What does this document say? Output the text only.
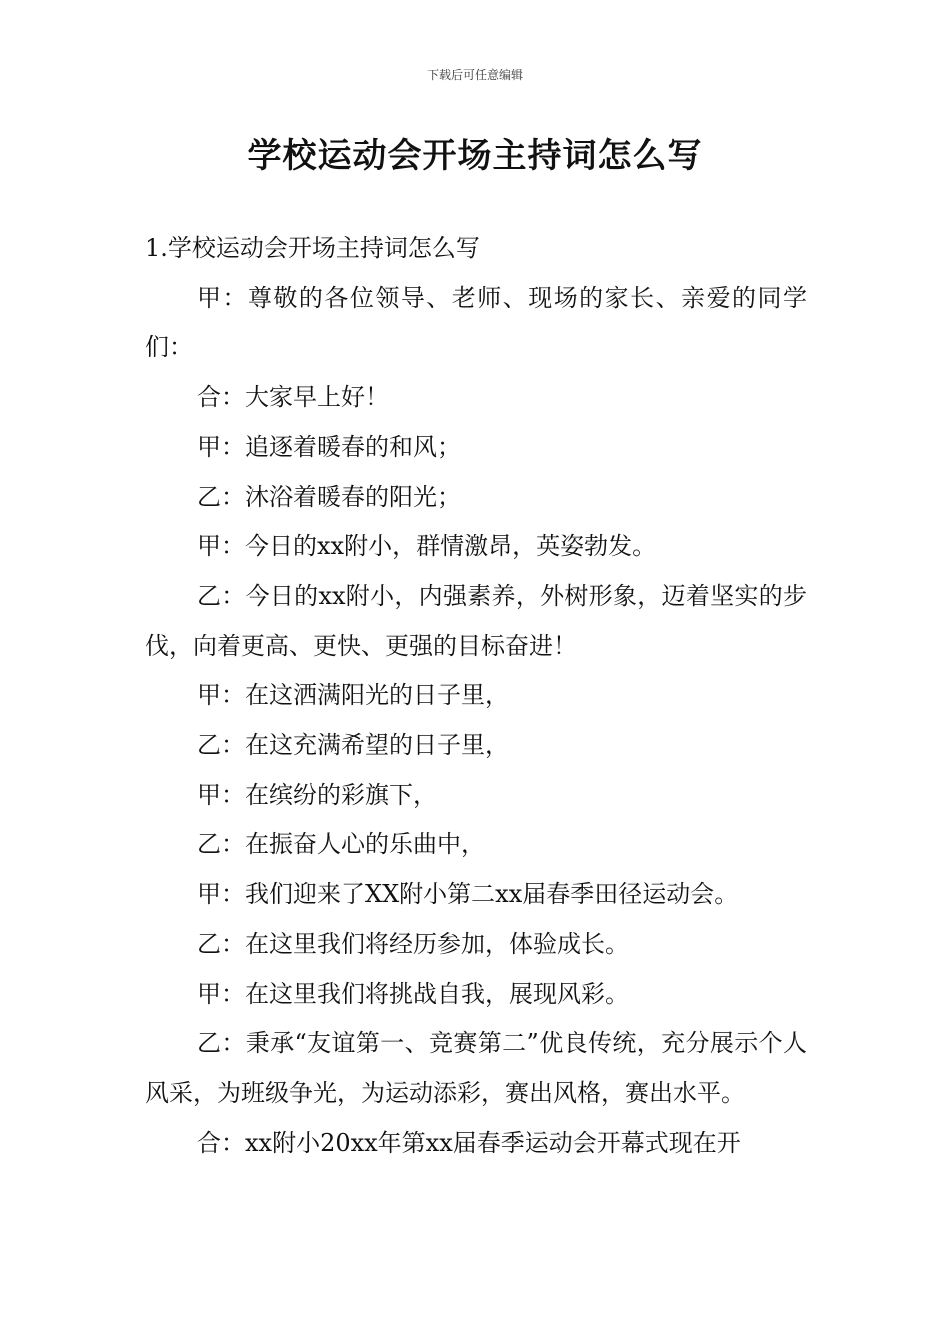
下载后可任意编辑
学校运动会开场主持词怎么写

1.学校运动会开场主持词怎么写

甲：尊敬的各位领导、老师、现场的家长、亲爱的同学们：

合：大家早上好！

甲：追逐着暖春的和风；

乙：沐浴着暖春的阳光；

甲：今日的xx附小，群情激昂，英姿勃发。

乙：今日的xx附小，内强素养，外树形象，迈着坚实的步伐，向着更高、更快、更强的目标奋进！

甲：在这洒满阳光的日子里，

乙：在这充满希望的日子里，

甲：在缤纷的彩旗下，

乙：在振奋人心的乐曲中，

甲：我们迎来了XX附小第二xx届春季田径运动会。

乙：在这里我们将经历参加，体验成长。

甲：在这里我们将挑战自我，展现风彩。

乙：秉承“友谊第一、竞赛第二”优良传统，充分展示个人风采，为班级争光，为运动添彩，赛出风格，赛出水平。

合：xx附小20xx年第xx届春季运动会开幕式现在开
